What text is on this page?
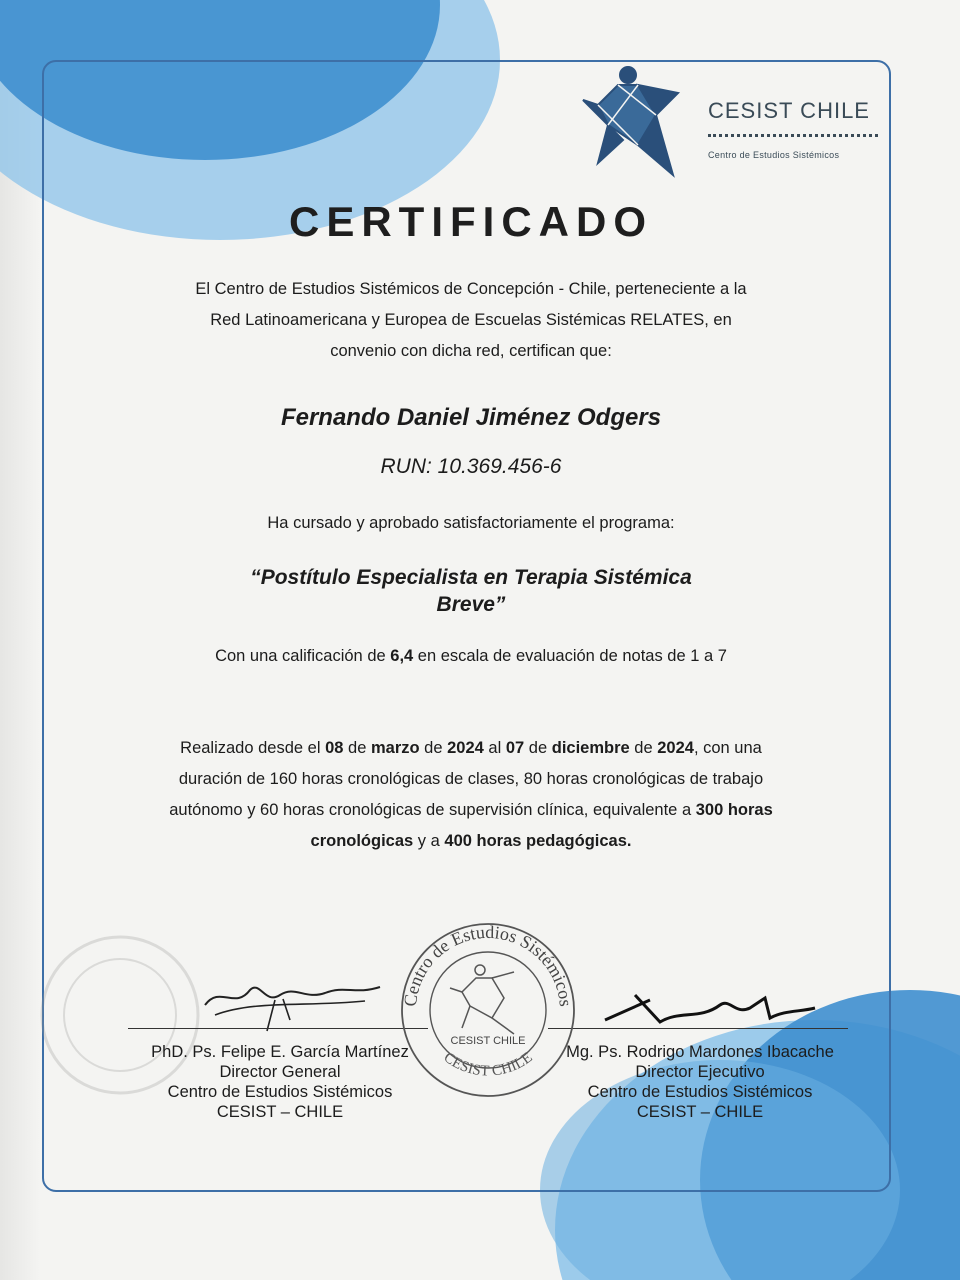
CESIST CHILE
Centro de Estudios Sistémicos
CERTIFICADO
El Centro de Estudios Sistémicos de Concepción - Chile, perteneciente a la
Red Latinoamericana y Europea de Escuelas Sistémicas RELATES, en
convenio con dicha red, certifican que:
Fernando Daniel Jiménez Odgers
RUN: 10.369.456-6
Ha cursado y aprobado satisfactoriamente el programa:
“Postítulo Especialista en Terapia Sistémica
Breve”
Con una calificación de 6,4 en escala de evaluación de notas de 1 a 7
Realizado desde el 08 de marzo de 2024 al 07 de diciembre de 2024, con una
duración de 160 horas cronológicas de clases, 80 horas cronológicas de trabajo
autónomo y 60 horas cronológicas de supervisión clínica, equivalente a 300 horas
cronológicas y a 400 horas pedagógicas.
PhD. Ps. Felipe E. García Martínez
Director General
Centro de Estudios Sistémicos
CESIST – CHILE
Mg. Ps. Rodrigo Mardones Ibacache
Director Ejecutivo
Centro de Estudios Sistémicos
CESIST – CHILE
Centro de Estudios Sistémicos
CESIST CHILE
CESIST CHILE
